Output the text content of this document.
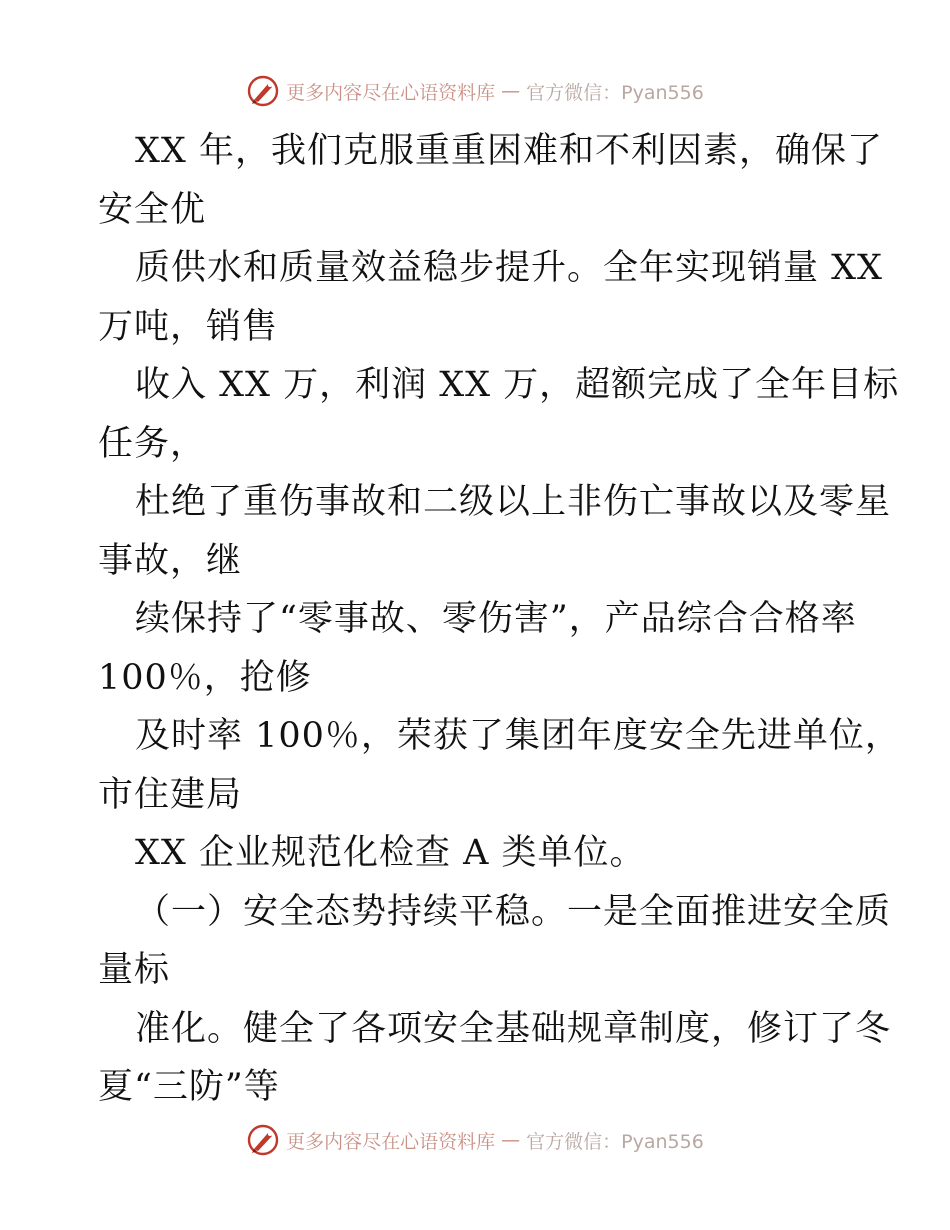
更多内容尽在心语资料库 — 官方微信：Pyan556
XX 年，我们克服重重困难和不利因素，确保了
安全优
质供水和质量效益稳步提升。全年实现销量 XX
万吨，销售
收入 XX 万，利润 XX 万，超额完成了全年目标
任务，
杜绝了重伤事故和二级以上非伤亡事故以及零星
事故，继
续保持了“零事故、零伤害”，产品综合合格率
100％，抢修
及时率 100％，荣获了集团年度安全先进单位，
市住建局
XX 企业规范化检查 A 类单位。
（一）安全态势持续平稳。一是全面推进安全质
量标
准化。健全了各项安全基础规章制度，修订了冬
夏“三防”等
更多内容尽在心语资料库 — 官方微信：Pyan556
